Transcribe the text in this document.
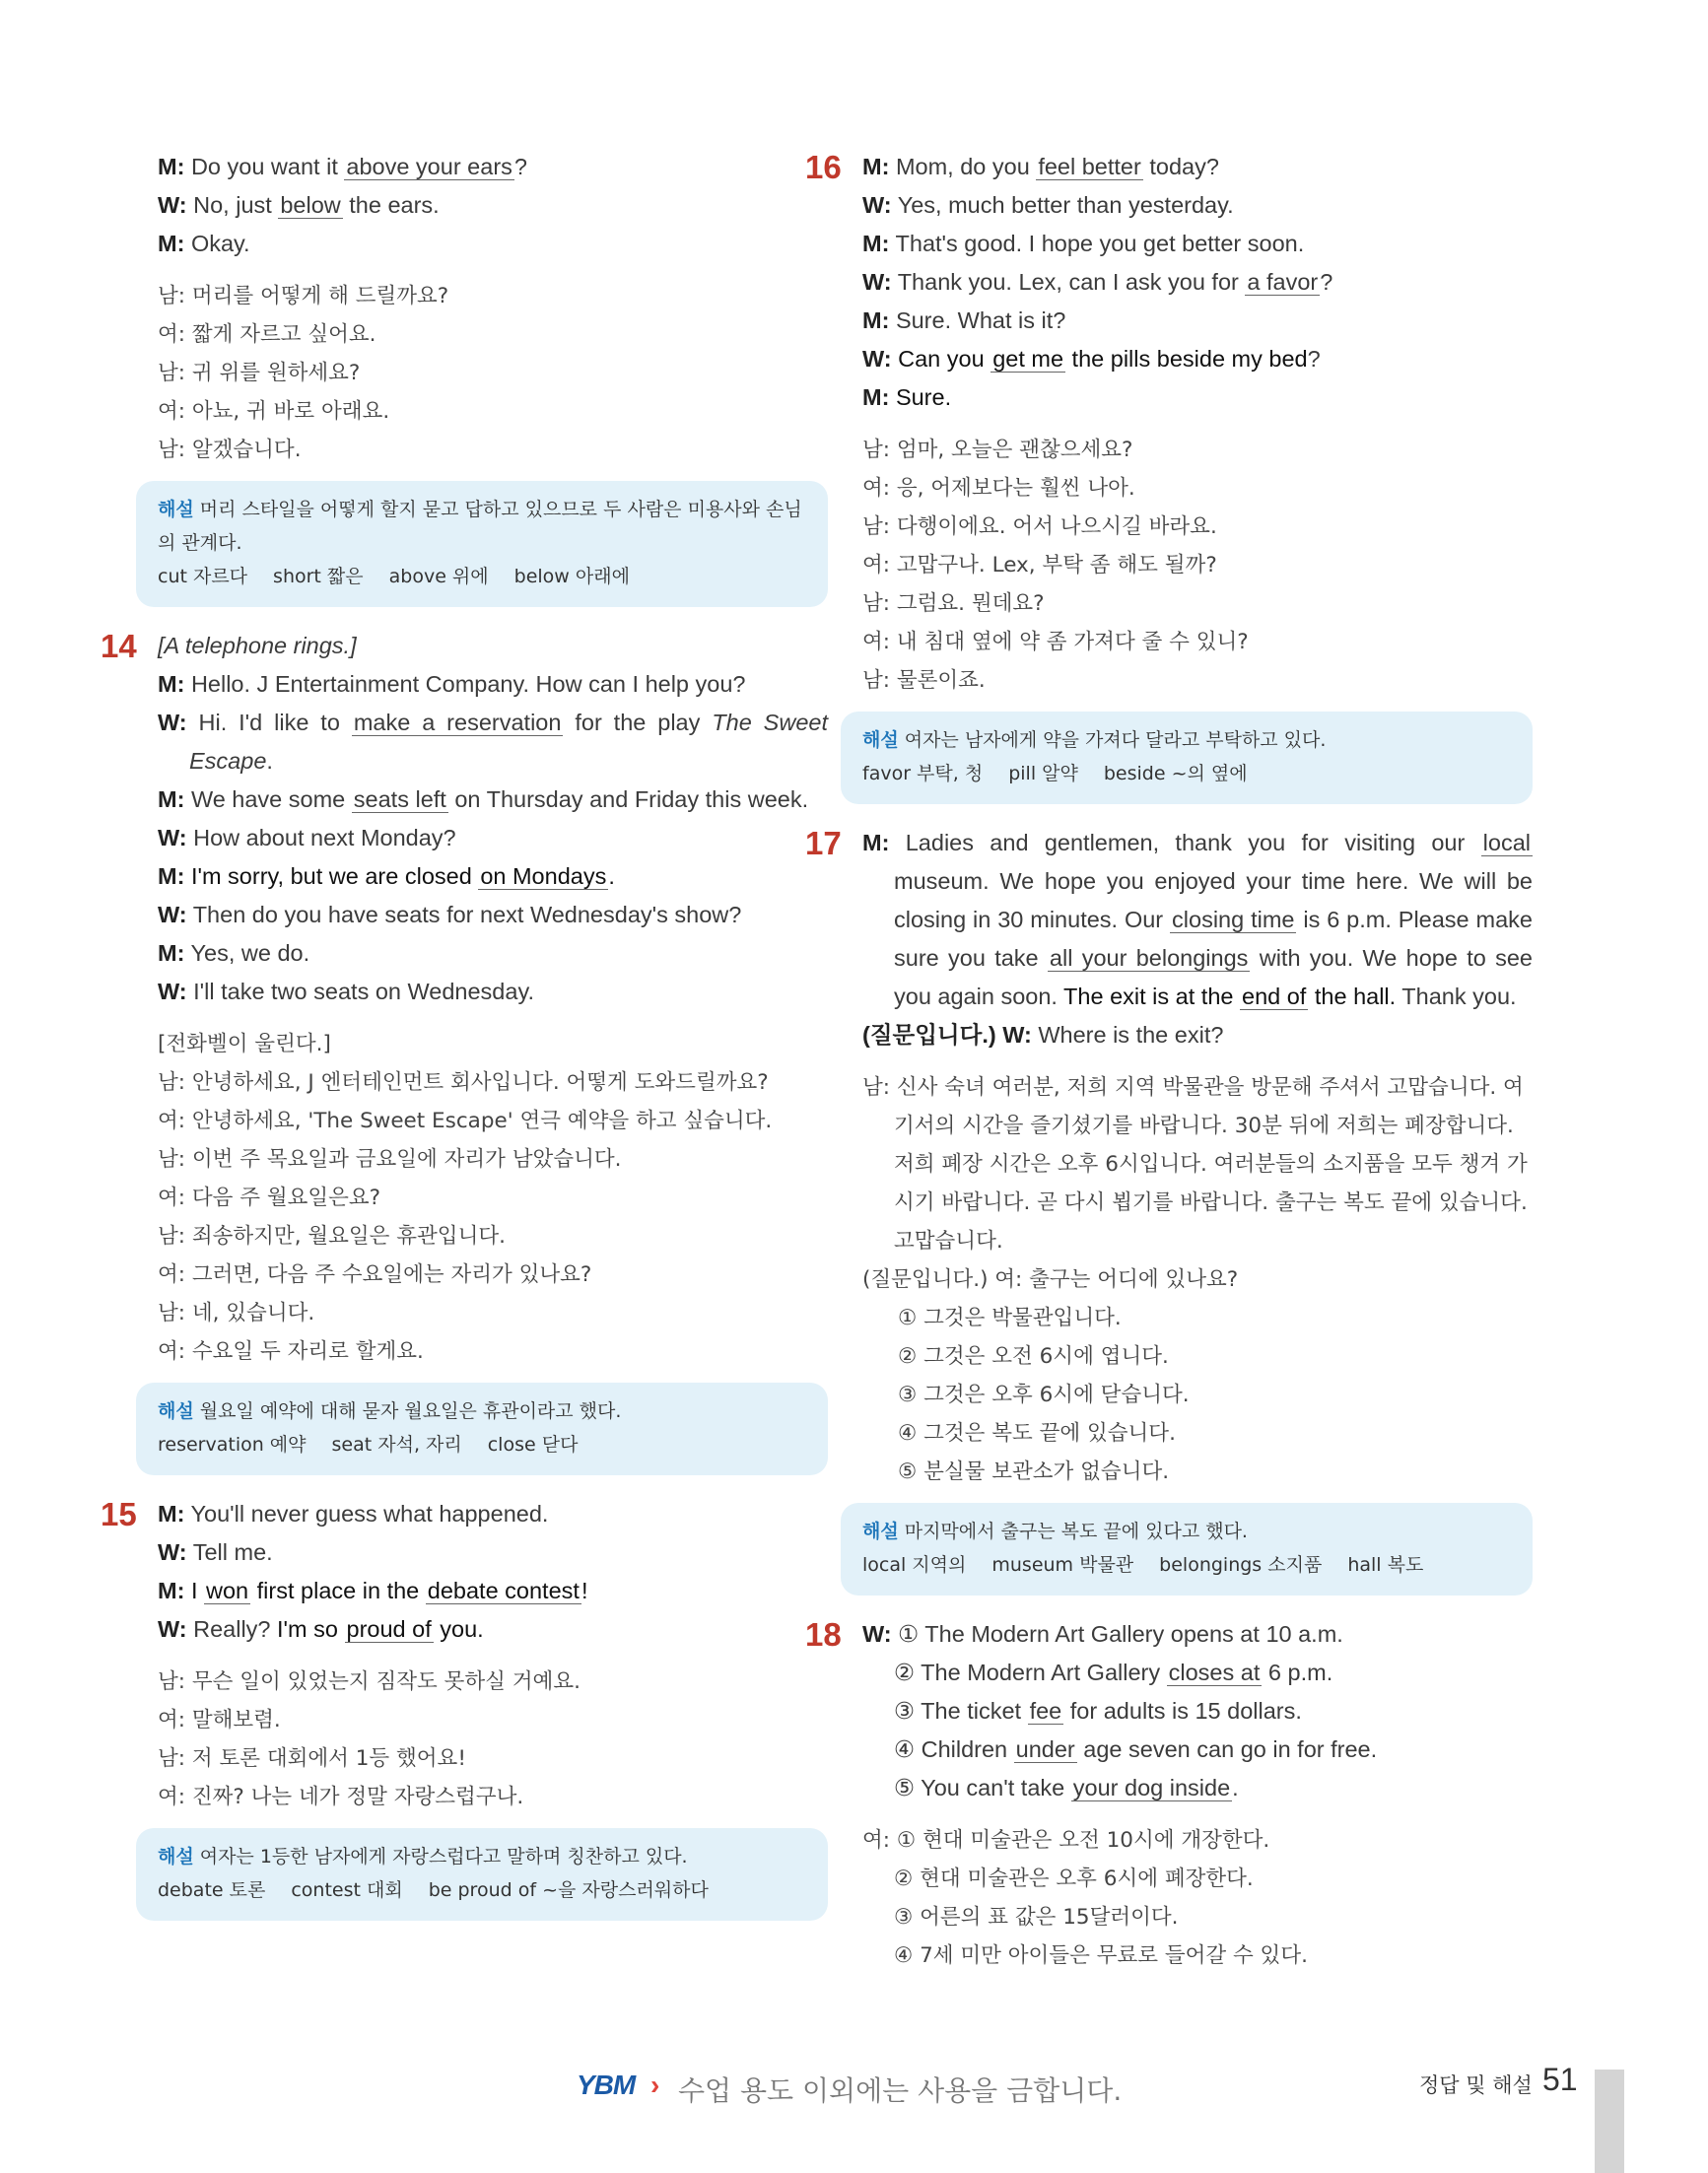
M: Do you want it above your ears?
W: No, just below the ears.
M: Okay.
남: 머리를 어떻게 해 드릴까요?
여: 짧게 자르고 싶어요.
남: 귀 위를 원하세요?
여: 아뇨, 귀 바로 아래요.
남: 알겠습니다.
해설 머리 스타일을 어떻게 할지 묻고 답하고 있으므로 두 사람은 미용사와 손님의 관계다.
cut 자르다 short 짧은 above 위에 below 아래에
14 [A telephone rings.]
M: Hello. J Entertainment Company. How can I help you?
W: Hi. I'd like to make a reservation for the play The Sweet Escape.
M: We have some seats left on Thursday and Friday this week.
W: How about next Monday?
M: I'm sorry, but we are closed on Mondays.
W: Then do you have seats for next Wednesday's show?
M: Yes, we do.
W: I'll take two seats on Wednesday.
[전화벨이 울린다.]
남: 안녕하세요, J 엔터테인먼트 회사입니다. 어떻게 도와드릴까요?
여: 안녕하세요, 'The Sweet Escape' 연극 예약을 하고 싶습니다.
남: 이번 주 목요일과 금요일에 자리가 남았습니다.
여: 다음 주 월요일은요?
남: 죄송하지만, 월요일은 휴관입니다.
여: 그러면, 다음 주 수요일에는 자리가 있나요?
남: 네, 있습니다.
여: 수요일 두 자리로 할게요.
해설 월요일 예약에 대해 묻자 월요일은 휴관이라고 했다.
reservation 예약 seat 자석, 자리 close 닫다
15 M: You'll never guess what happened.
W: Tell me.
M: I won first place in the debate contest!
W: Really? I'm so proud of you.
남: 무슨 일이 있었는지 짐작도 못하실 거예요.
여: 말해보렴.
남: 저 토론 대회에서 1등 했어요!
여: 진짜? 나는 네가 정말 자랑스럽구나.
해설 여자는 1등한 남자에게 자랑스럽다고 말하며 칭찬하고 있다.
debate 토론 contest 대회 be proud of ~을 자랑스러워하다
16 M: Mom, do you feel better today?
W: Yes, much better than yesterday.
M: That's good. I hope you get better soon.
W: Thank you. Lex, can I ask you for a favor?
M: Sure. What is it?
W: Can you get me the pills beside my bed?
M: Sure.
남: 엄마, 오늘은 괜찮으세요?
여: 응, 어제보다는 훨씬 나아.
남: 다행이에요. 어서 나으시길 바라요.
여: 고맙구나. Lex, 부탁 좀 해도 될까?
남: 그럼요. 뭔데요?
여: 내 침대 옆에 약 좀 가져다 줄 수 있니?
남: 물론이죠.
해설 여자는 남자에게 약을 가져다 달라고 부탁하고 있다.
favor 부탁, 청 pill 알약 beside ~의 옆에
17 M: Ladies and gentlemen, thank you for visiting our local museum. We hope you enjoyed your time here. We will be closing in 30 minutes. Our closing time is 6 p.m. Please make sure you take all your belongings with you. We hope to see you again soon. The exit is at the end of the hall. Thank you.
(질문입니다.) W: Where is the exit?
남: 신사 숙녀 여러분, 저희 지역 박물관을 방문해 주셔서 고맙습니다. 여기서의 시간을 즐기셨기를 바랍니다. 30분 뒤에 저희는 폐장합니다. 저희 폐장 시간은 오후 6시입니다. 여러분들의 소지품을 모두 챙겨 가시기 바랍니다. 곧 다시 뵙기를 바랍니다. 출구는 복도 끝에 있습니다. 고맙습니다.
(질문입니다.) 여: 출구는 어디에 있나요?
① 그것은 박물관입니다.
② 그것은 오전 6시에 엽니다.
③ 그것은 오후 6시에 닫습니다.
④ 그것은 복도 끝에 있습니다.
⑤ 분실물 보관소가 없습니다.
해설 마지막에서 출구는 복도 끝에 있다고 했다.
local 지역의 museum 박물관 belongings 소지품 hall 복도
18 W: ① The Modern Art Gallery opens at 10 a.m.
② The Modern Art Gallery closes at 6 p.m.
③ The ticket fee for adults is 15 dollars.
④ Children under age seven can go in for free.
⑤ You can't take your dog inside.
여: ① 현대 미술관은 오전 10시에 개장한다.
② 현대 미술관은 오후 6시에 폐장한다.
③ 어른의 표 값은 15달러이다.
④ 7세 미만 아이들은 무료로 들어갈 수 있다.
YBM › 수업 용도 이외에는 사용을 금합니다.	정답 및 해설 51
